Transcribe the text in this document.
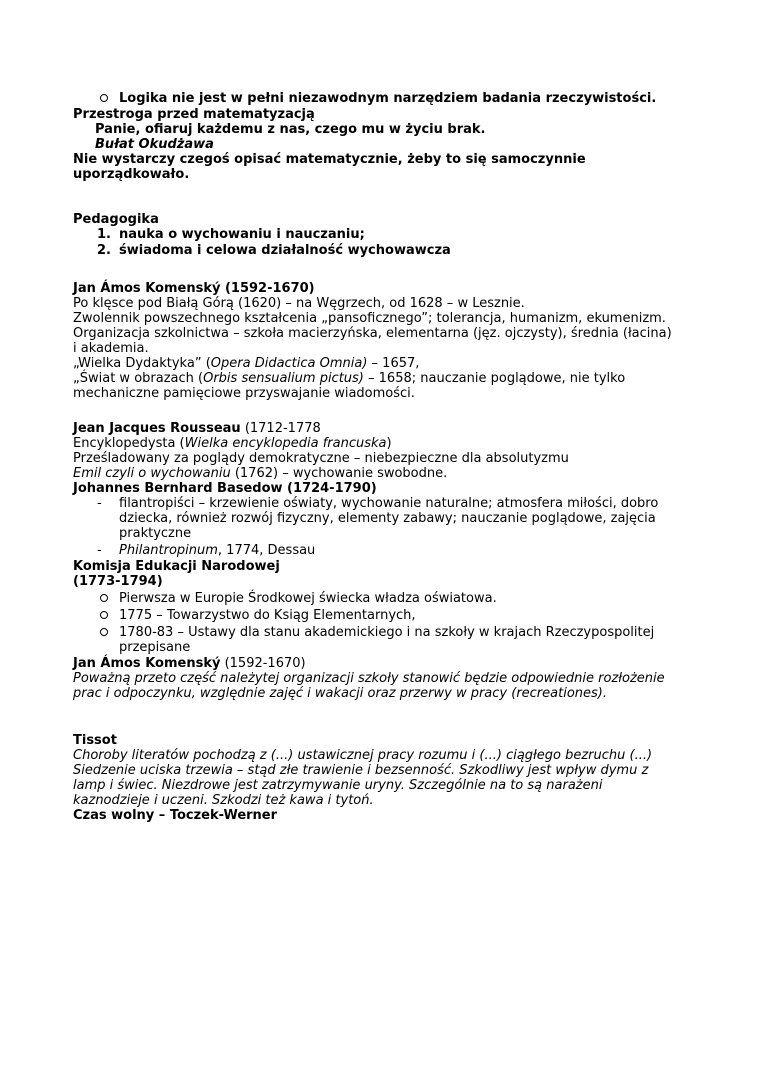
Logika nie jest w pełni niezawodnym narzędziem badania rzeczywistości.
Przestroga przed matematyzacją
Panie, ofiaruj każdemu z nas, czego mu w życiu brak.
Bułat Okudżawa
Nie wystarczy czegoś opisać matematycznie, żeby to się samoczynnie uporządkowało.
Pedagogika
1. nauka o wychowaniu i nauczaniu;
2. świadoma i celowa działalność wychowawcza
Jan Ámos Komenský (1592-1670)
Po klęsce pod Białą Górą (1620) – na Węgrzech, od 1628 – w Lesznie.
Zwolennik powszechnego kształcenia „pansoficznego”; tolerancja, humanizm, ekumenizm.
Organizacja szkolnictwa – szkoła macierzyńska, elementarna (jęz. ojczysty), średnia (łacina) i akademia.
„Wielka Dydaktyka” (Opera Didactica Omnia) – 1657,
„Świat w obrazach (Orbis sensualium pictus) – 1658; nauczanie poglądowe, nie tylko mechaniczne pamięciowe przyswajanie wiadomości.
Jean Jacques Rousseau (1712-1778
Encyklopedysta (Wielka encyklopedia francuska)
Prześladowany za poglądy demokratyczne – niebezpieczne dla absolutyzmu
Emil czyli o wychowaniu (1762) – wychowanie swobodne.
Johannes Bernhard Basedow (1724-1790)
-	filantropiści – krzewienie oświaty, wychowanie naturalne; atmosfera miłości, dobro dziecka, również rozwój fizyczny, elementy zabawy; nauczanie poglądowe, zajęcia praktyczne
-	Philantropinum, 1774, Dessau
Komisja Edukacji Narodowej
(1773-1794)
Pierwsza w Europie Środkowej świecka władza oświatowa.
1775 – Towarzystwo do Ksiąg Elementarnych,
1780-83 – Ustawy dla stanu akademickiego i na szkoły w krajach Rzeczypospolitej przepisane
Jan Ámos Komenský (1592-1670)
Poważną przeto część należytej organizacji szkoły stanowić będzie odpowiednie rozłożenie prac i odpoczynku, względnie zajęć i wakacji oraz przerwy w pracy (recreationes).
Tissot
Choroby literatów pochodzą z (...) ustawicznej pracy rozumu i (...) ciągłego bezruchu (...) Siedzenie uciska trzewia – stąd złe trawienie i bezsenność. Szkodliwy jest wpływ dymu z lamp i świec. Niezdrowe jest zatrzymywanie uryny. Szczególnie na to są narażeni kaznodzieje i uczeni. Szkodzi też kawa i tytoń.
Czas wolny – Toczek-Werner
